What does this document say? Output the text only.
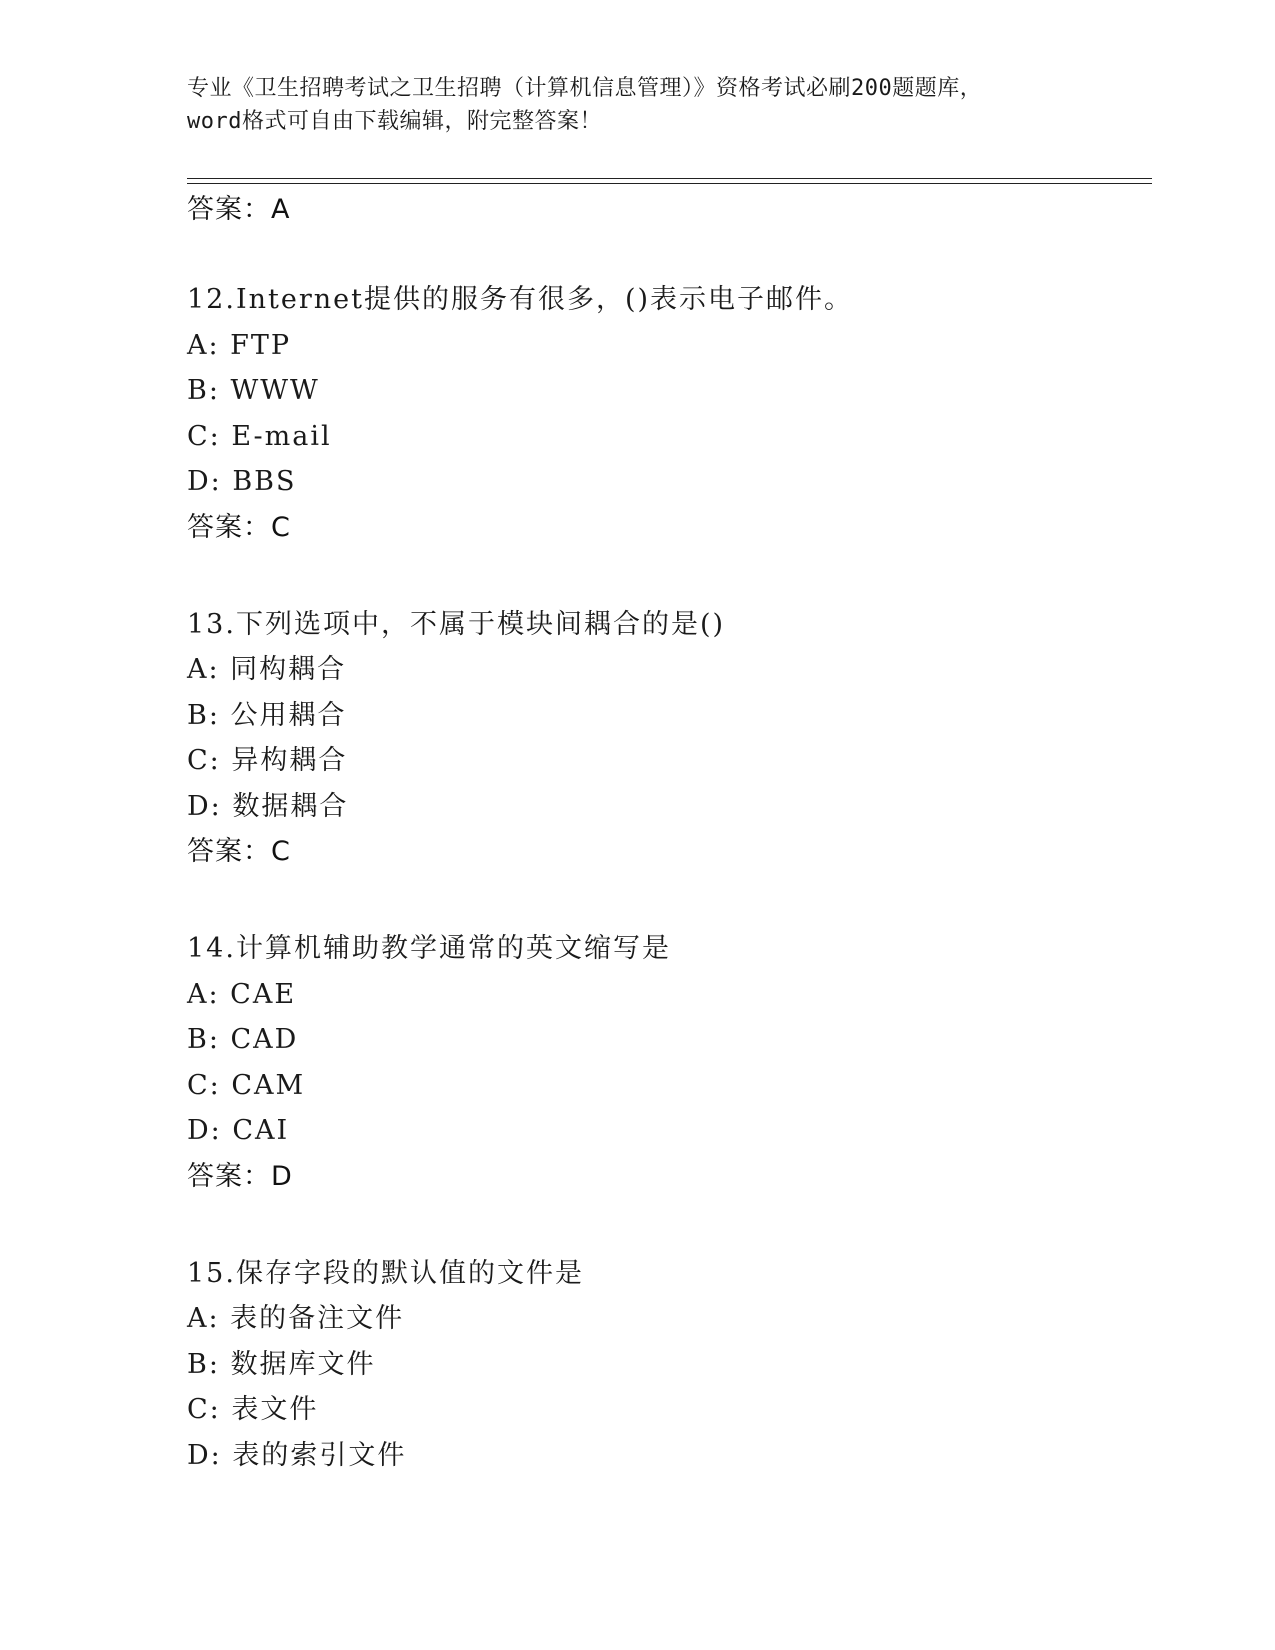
专业《卫生招聘考试之卫生招聘（计算机信息管理）》资格考试必刷200题题库，
word格式可自由下载编辑，附完整答案！
答案：A
12.Internet提供的服务有很多，()表示电子邮件。
A: FTP
B: WWW
C: E-mail
D: BBS
答案：C
13.下列选项中，不属于模块间耦合的是()
A: 同构耦合
B: 公用耦合
C: 异构耦合
D: 数据耦合
答案：C
14.计算机辅助教学通常的英文缩写是
A: CAE
B: CAD
C: CAM
D: CAI
答案：D
15.保存字段的默认值的文件是
A: 表的备注文件
B: 数据库文件
C: 表文件
D: 表的索引文件
